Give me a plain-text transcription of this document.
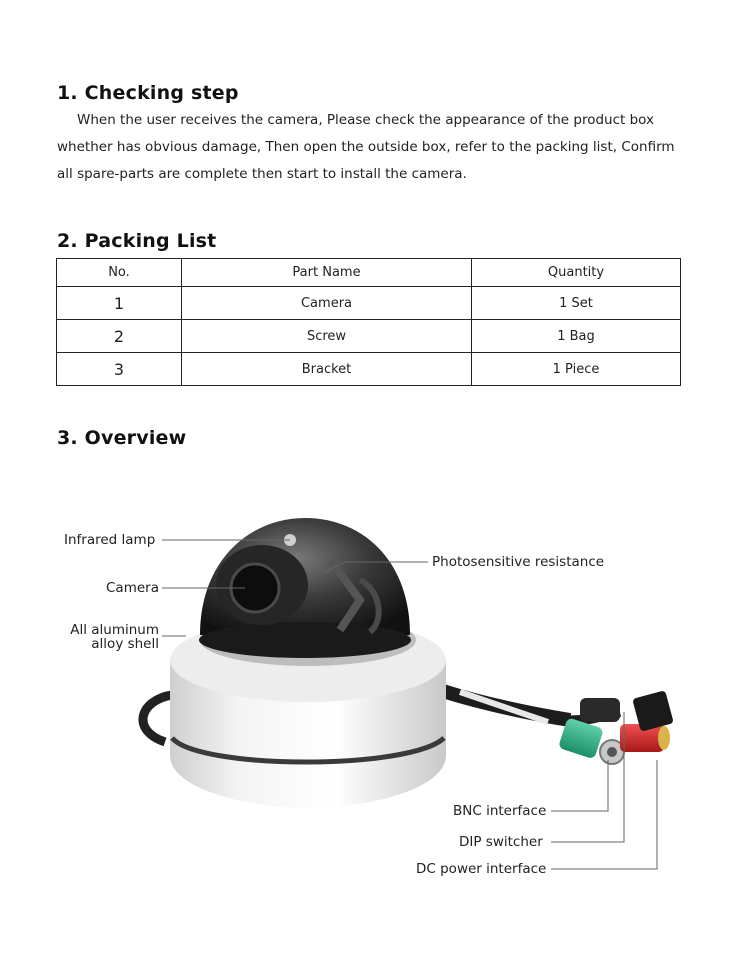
1. Checking step

When the user receives the camera, Please check the appearance of the product box

whether has obvious damage, Then open the outside box, refer to the packing list, Confirm

all spare-parts are complete then start to install the camera.

2. Packing List
No.	Part Name	Quantity
1	Camera	1 Set
2	Screw	1 Bag
3	Bracket	1 Piece
3. Overview
Infrared lamp
Camera
All aluminum
alloy shell
Photosensitive resistance
BNC interface
DIP switcher
DC power interface
